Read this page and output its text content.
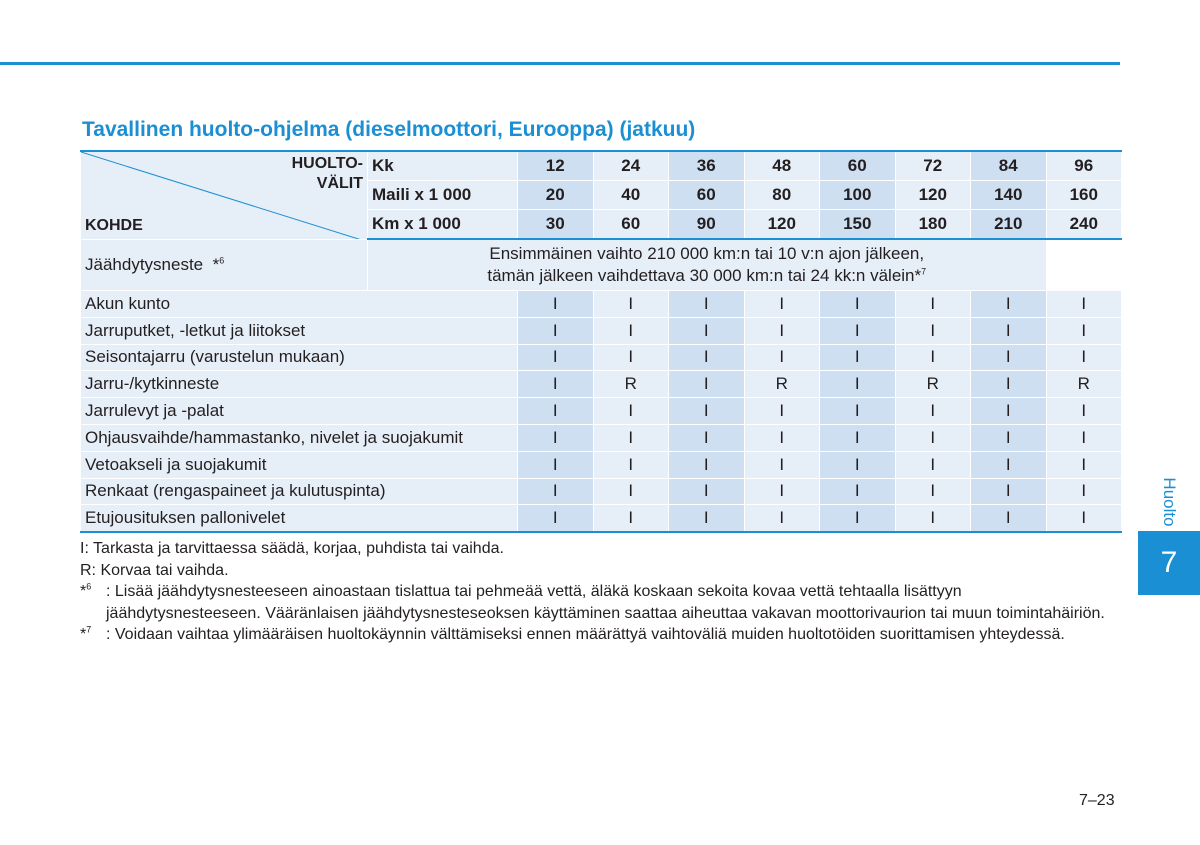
Tavallinen huolto-ohjelma (dieselmoottori, Eurooppa) (jatkuu)
HUOLTO-
VÄLIT
KOHDE	Kk	12	24	36	48	60	72	84	96
	Maili x 1 000	20	40	60	80	100	120	140	160
	Km x 1 000	30	60	90	120	150	180	210	240
Jäähdytysneste *$^6$	Ensimmäinen vaihto 210 000 km:n tai 10 v:n ajon jälkeen,
tämän jälkeen vaihdettava 30 000 km:n tai 24 kk:n välein*$^7$

Akun kunto		I	I	I	I	I	I	I	I
Jarruputket, -letkut ja liitokset		I	I	I	I	I	I	I	I
Seisontajarru (varustelun mukaan)		I	I	I	I	I	I	I	I
Jarru-/kytkinneste		I	R	I	R	I	R	I	R
Jarrulevyt ja -palat		I	I	I	I	I	I	I	I
Ohjausvaihde/hammastanko, nivelet ja suojakumit		I	I	I	I	I	I	I	I
Vetoakseli ja suojakumit		I	I	I	I	I	I	I	I
Renkaat (rengaspaineet ja kulutuspinta)		I	I	I	I	I	I	I	I
Etujousituksen pallonivelet		I	I	I	I	I	I	I	I
I: Tarkasta ja tarvittaessa säädä, korjaa, puhdista tai vaihda.
R: Korvaa tai vaihda.
*$^6$ : Lisää jäähdytysnesteeseen ainoastaan tislattua tai pehmeää vettä, äläkä koskaan sekoita kovaa vettä tehtaalla lisättyyn jäähdytysnesteeseen. Vääränlaisen jäähdytysnesteseoksen käyttäminen saattaa aiheuttaa vakavan moottorivaurion tai muun toimintahäiriön.
*$^7$ : Voidaan vaihtaa ylimääräisen huoltokäynnin välttämiseksi ennen määrättyä vaihtoväliä muiden huoltotöiden suorittamisen yhteydessä.
Huolto
7
7–23
